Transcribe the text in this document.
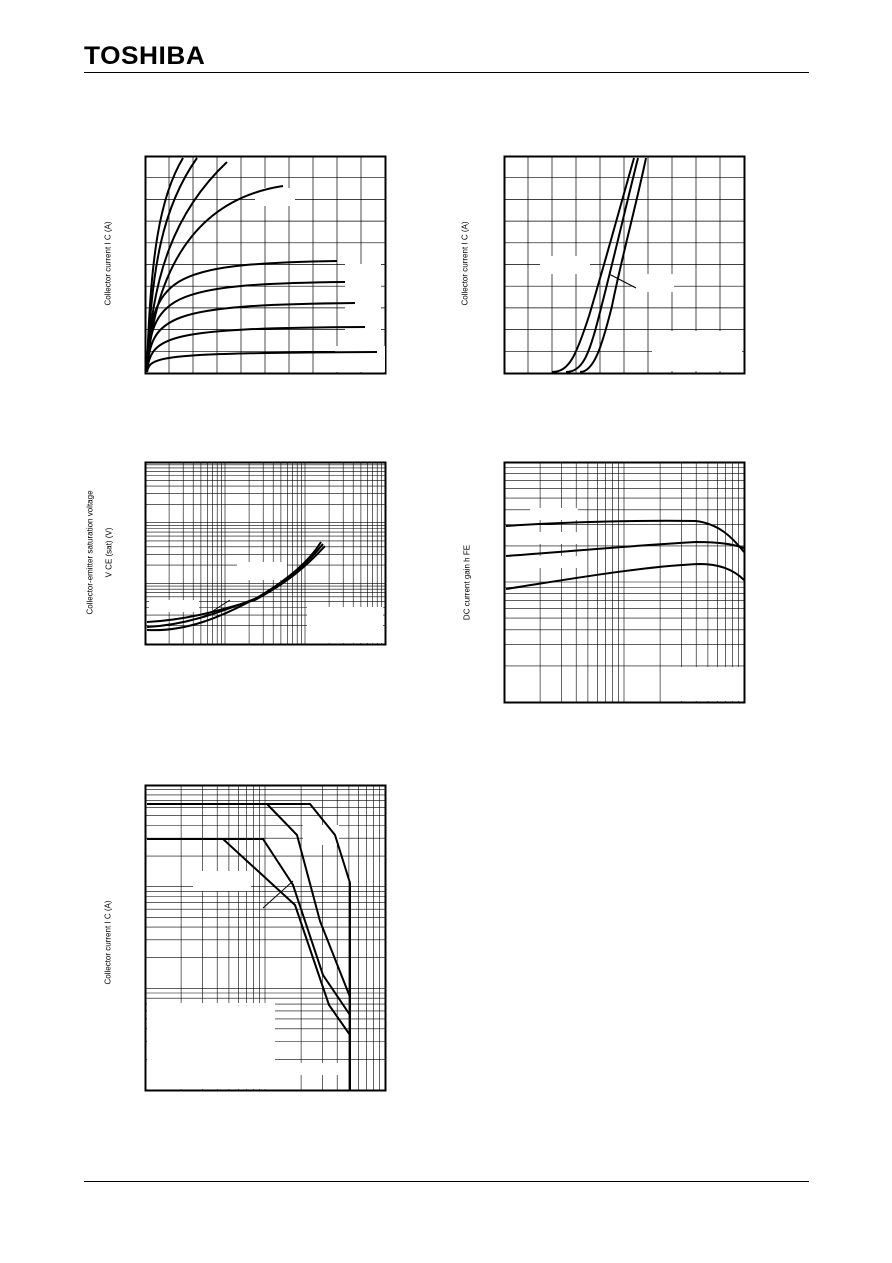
TOSHIBA
Collector current I C (A)	Collector current I C (A)
Collector-emitter saturation voltage V CE (sat) (V)	DC current gain h FE
Collector current I C (A)
